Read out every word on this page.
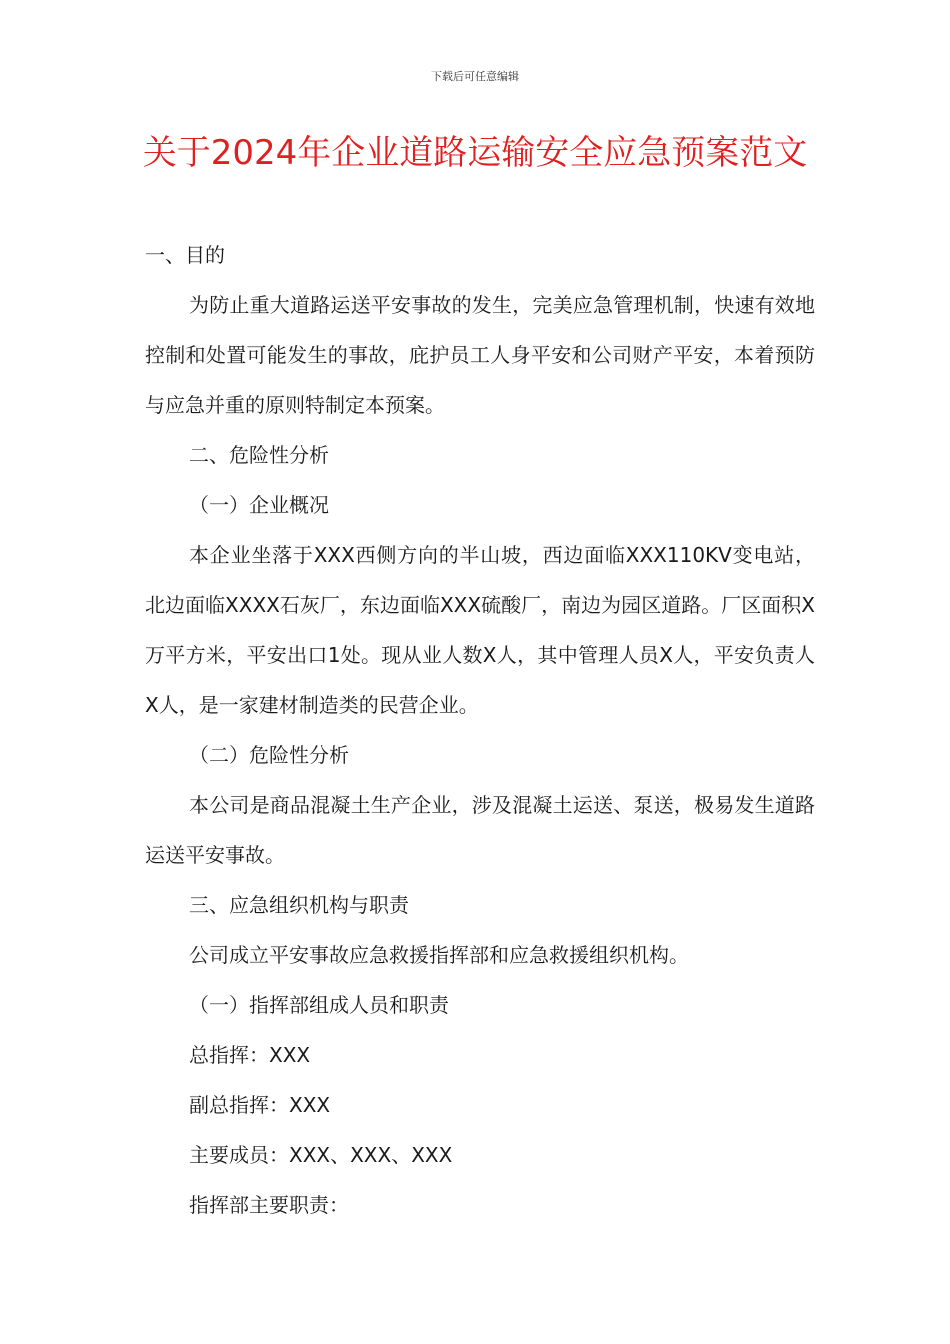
下载后可任意编辑
关于2024年企业道路运输安全应急预案范文

一、目的

为防止重大道路运送平安事故的发生，完美应急管理机制，快速有效地控制和处置可能发生的事故，庇护员工人身平安和公司财产平安，本着预防与应急并重的原则特制定本预案。

二、危险性分析

（一）企业概况

本企业坐落于XXX西侧方向的半山坡，西边面临XXX110KV变电站，北边面临XXXX石灰厂，东边面临XXX硫酸厂，南边为园区道路。厂区面积X万平方米，平安出口1处。现从业人数X人，其中管理人员X人，平安负责人X人，是一家建材制造类的民营企业。

（二）危险性分析

本公司是商品混凝土生产企业，涉及混凝土运送、泵送，极易发生道路运送平安事故。

三、应急组织机构与职责

公司成立平安事故应急救援指挥部和应急救援组织机构。

（一）指挥部组成人员和职责

总指挥：XXX

副总指挥：XXX

主要成员：XXX、XXX、XXX

指挥部主要职责：
